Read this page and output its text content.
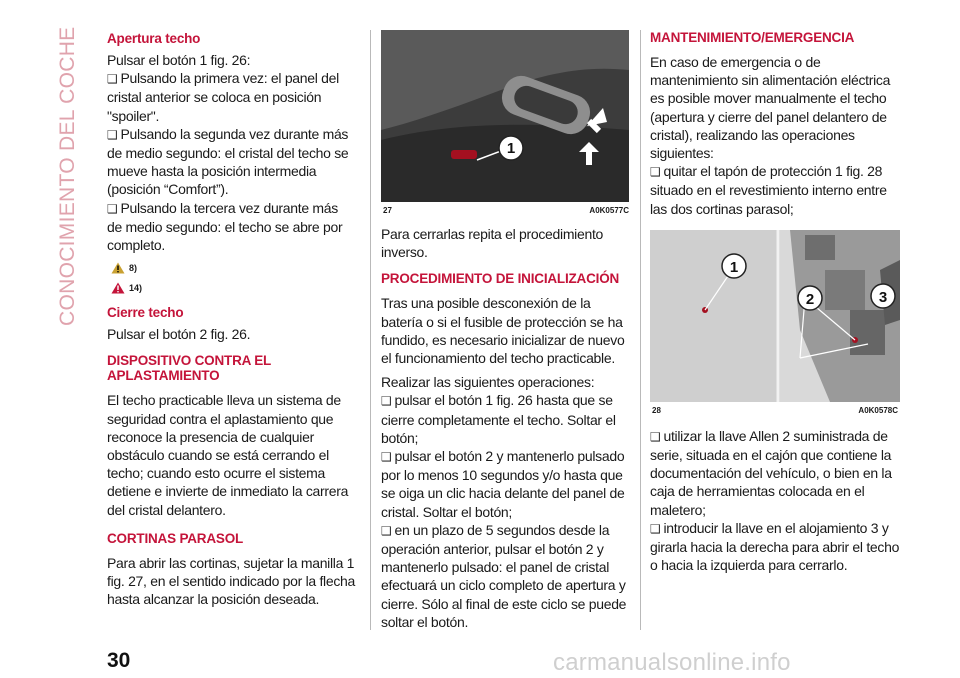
CONOCIMIENTO DEL COCHE Apertura techo

Pulsar el botón 1 fig. 26:

❑ Pulsando la primera vez: el panel del cristal anterior se coloca en posición "spoiler".

❑ Pulsando la segunda vez durante más de medio segundo: el cristal del techo se mueve hasta la posición intermedia (posición “Comfort”).

❑ Pulsando la tercera vez durante más de medio segundo: el techo se abre por completo.

8)
14)
Cierre techo

Pulsar el botón 2 fig. 26.

DISPOSITIVO CONTRA EL APLASTAMIENTO

El techo practicable lleva un sistema de seguridad contra el aplastamiento que reconoce la presencia de cualquier obstáculo cuando se está cerrando el techo; cuando esto ocurre el sistema detiene e invierte de inmediato la carrera del cristal delantero.

CORTINAS PARASOL

Para abrir las cortinas, sujetar la manilla 1 fig. 27, en el sentido indicado por la flecha hasta alcanzar la posición deseada.

1
27	A0K0577C

Para cerrarlas repita el procedimiento inverso.

PROCEDIMIENTO DE INICIALIZACIÓN

Tras una posible desconexión de la batería o si el fusible de protección se ha fundido, es necesario inicializar de nuevo el funcionamiento del techo practicable.

Realizar las siguientes operaciones:

❑ pulsar el botón 1 fig. 26 hasta que se cierre completamente el techo. Soltar el botón;

❑ pulsar el botón 2 y mantenerlo pulsado por lo menos 10 segundos y/o hasta que se oiga un clic hacia delante del panel de cristal. Soltar el botón;

❑ en un plazo de 5 segundos desde la operación anterior, pulsar el botón 2 y mantenerlo pulsado: el panel de cristal efectuará un ciclo completo de apertura y cierre. Sólo al final de este ciclo se puede soltar el botón.

MANTENIMIENTO/EMERGENCIA

En caso de emergencia o de mantenimiento sin alimentación eléctrica es posible mover manualmente el techo (apertura y cierre del panel delantero de cristal), realizando las operaciones siguientes:

❑ quitar el tapón de protección 1 fig. 28 situado en el revestimiento interno entre las dos cortinas parasol;

1
2	3
28	A0K0578C

❑ utilizar la llave Allen 2 suministrada de serie, situada en el cajón que contiene la documentación del vehículo, o bien en la caja de herramientas colocada en el maletero;

❑ introducir la llave en el alojamiento 3 y girarla hacia la derecha para abrir el techo o hacia la izquierda para cerrarlo.

30	carmanualsonline.info
